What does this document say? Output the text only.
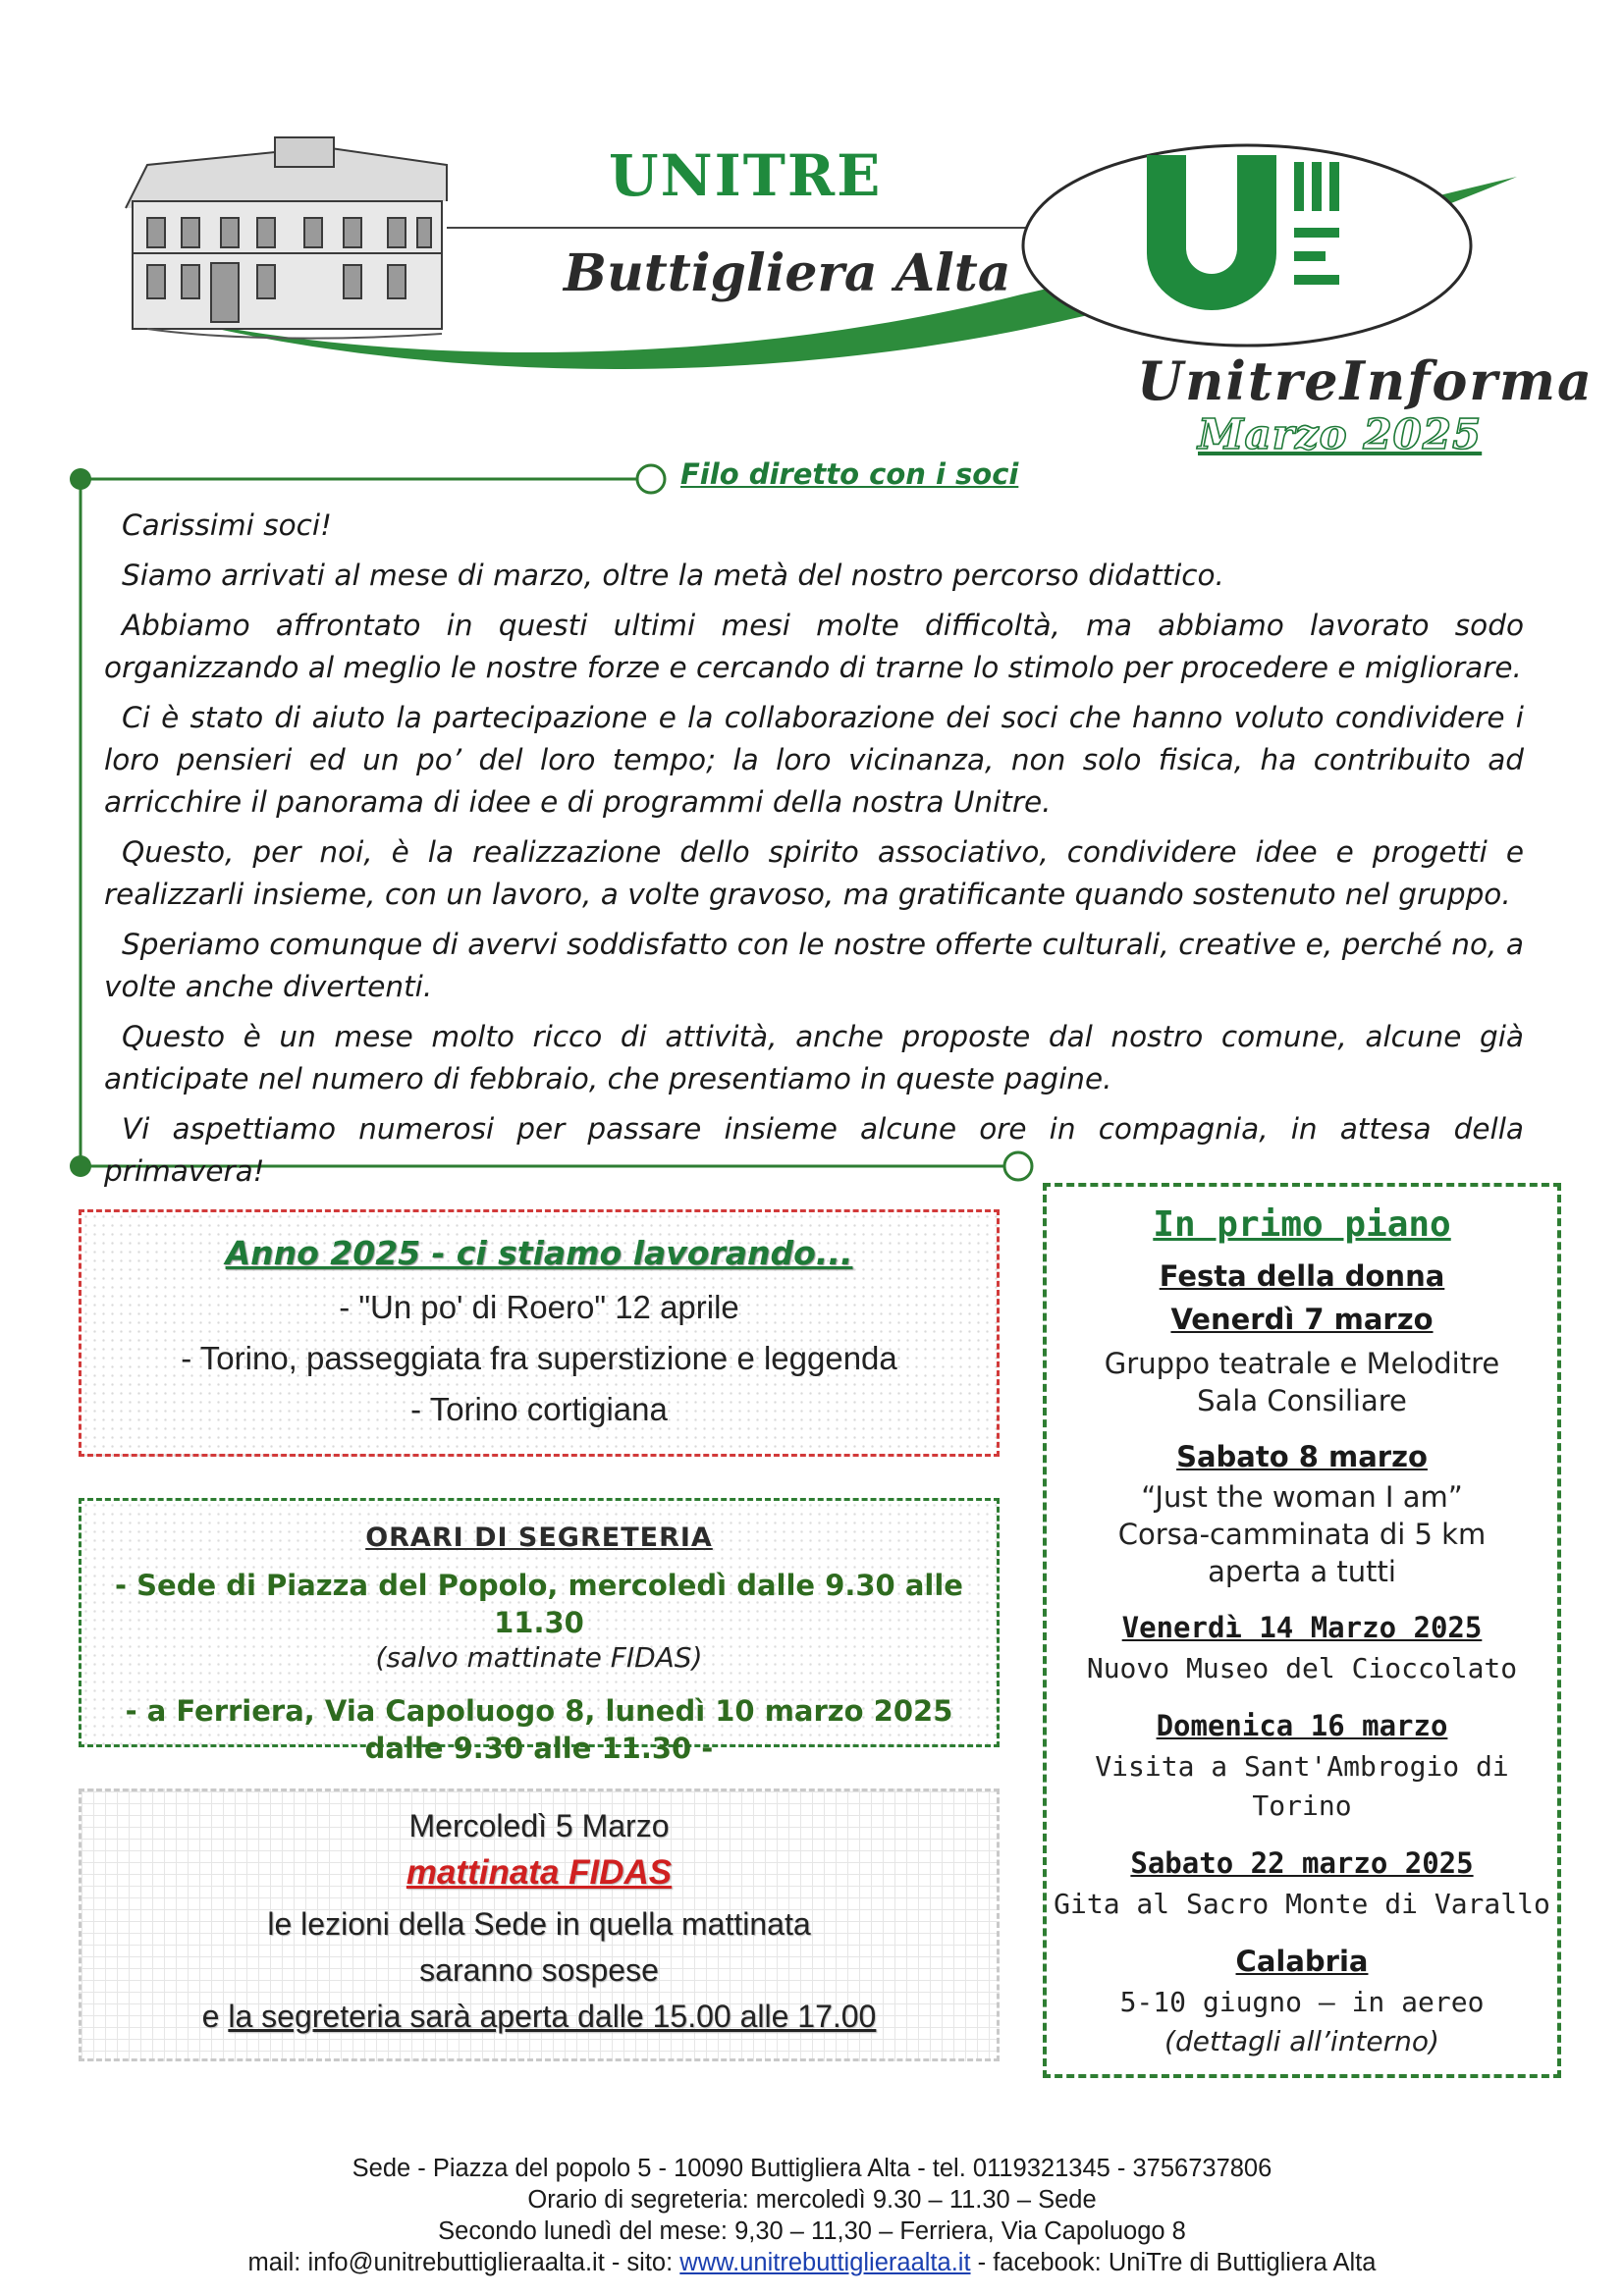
UNITRE
Buttigliera Alta
UnitreInforma
Marzo 2025
Filo diretto con i soci

Carissimi soci!

Siamo arrivati al mese di marzo, oltre la metà del nostro percorso didattico.

Abbiamo affrontato in questi ultimi mesi molte difficoltà, ma abbiamo lavorato sodo organizzando al meglio le nostre forze e cercando di trarne lo stimolo per procedere e migliorare.

Ci è stato di aiuto la partecipazione e la collaborazione dei soci che hanno voluto condividere i loro pensieri ed un po’ del loro tempo; la loro vicinanza, non solo fisica, ha contribuito ad arricchire il panorama di idee e di programmi della nostra Unitre.

Questo, per noi, è la realizzazione dello spirito associativo, condividere idee e progetti e realizzarli insieme, con un lavoro, a volte gravoso, ma gratificante quando sostenuto nel gruppo.

Speriamo comunque di avervi soddisfatto con le nostre offerte culturali, creative e, perché no, a volte anche divertenti.

Questo è un mese molto ricco di attività, anche proposte dal nostro comune, alcune già anticipate nel numero di febbraio, che presentiamo in queste pagine.

Vi aspettiamo numerosi per passare insieme alcune ore in compagnia, in attesa della primavera!

Anno 2025 - ci stiamo lavorando...
- "Un po' di Roero" 12 aprile
- Torino, passeggiata fra superstizione e leggenda
- Torino cortigiana
ORARI DI SEGRETERIA
- Sede di Piazza del Popolo, mercoledì dalle 9.30 alle 11.30
(salvo mattinate FIDAS)
- a Ferriera, Via Capoluogo 8, lunedì 10 marzo 2025
dalle 9.30 alle 11.30 -
Mercoledì 5 Marzo
mattinata FIDAS
le lezioni della Sede in quella mattinata
saranno sospese
e la segreteria sarà aperta dalle 15.00 alle 17.00
In primo piano
Festa della donna
Venerdì 7 marzo
Gruppo teatrale e Meloditre
Sala Consiliare
Sabato 8 marzo
“Just the woman I am”
Corsa-camminata di 5 km
aperta a tutti
Venerdì 14 Marzo 2025
Nuovo Museo del Cioccolato
Domenica 16 marzo
Visita a Sant'Ambrogio di Torino
Sabato 22 marzo 2025
Gita al Sacro Monte di Varallo
Calabria
5-10 giugno – in aereo
(dettagli all’interno)
Sede - Piazza del popolo 5 - 10090 Buttigliera Alta - tel. 0119321345 - 3756737806
Orario di segreteria: mercoledì 9.30 – 11.30 – Sede
Secondo lunedì del mese: 9,30 – 11,30 – Ferriera, Via Capoluogo 8
mail: info@unitrebuttiglieraalta.it - sito: www.unitrebuttiglieraalta.it - facebook: UniTre di Buttigliera Alta
